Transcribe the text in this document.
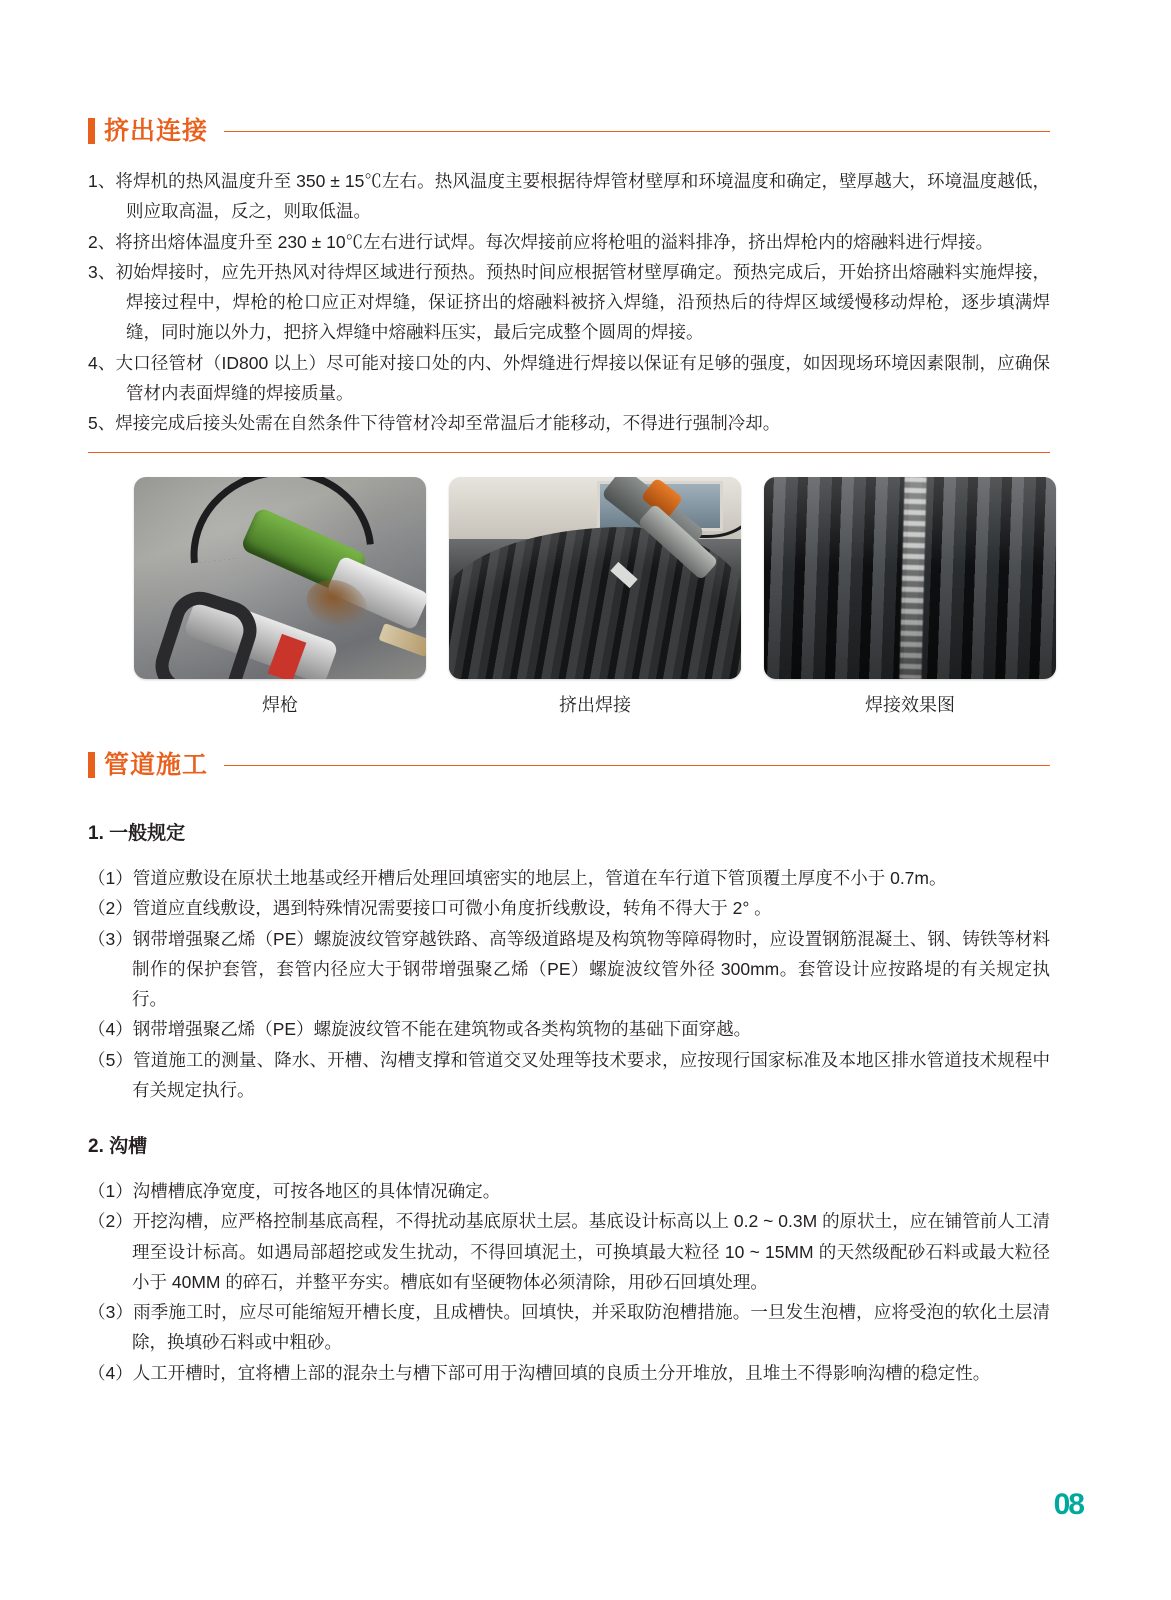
挤出连接

1、将焊机的热风温度升至 350 ± 15℃左右。热风温度主要根据待焊管材壁厚和环境温度和确定，壁厚越大，环境温度越低，则应取高温，反之，则取低温。

2、将挤出熔体温度升至 230 ± 10℃左右进行试焊。每次焊接前应将枪咀的溢料排净，挤出焊枪内的熔融料进行焊接。

3、初始焊接时，应先开热风对待焊区域进行预热。预热时间应根据管材壁厚确定。预热完成后，开始挤出熔融料实施焊接，焊接过程中，焊枪的枪口应正对焊缝，保证挤出的熔融料被挤入焊缝，沿预热后的待焊区域缓慢移动焊枪，逐步填满焊缝，同时施以外力，把挤入焊缝中熔融料压实，最后完成整个圆周的焊接。

4、大口径管材（ID800 以上）尽可能对接口处的内、外焊缝进行焊接以保证有足够的强度，如因现场环境因素限制，应确保管材内表面焊缝的焊接质量。

5、焊接完成后接头处需在自然条件下待管材冷却至常温后才能移动，不得进行强制冷却。

焊枪	挤出焊接	焊接效果图
管道施工
1. 一般规定

（1）管道应敷设在原状土地基或经开槽后处理回填密实的地层上，管道在车行道下管顶覆土厚度不小于 0.7m。

（2）管道应直线敷设，遇到特殊情况需要接口可微小角度折线敷设，转角不得大于 2° 。

（3）钢带增强聚乙烯（PE）螺旋波纹管穿越铁路、高等级道路堤及构筑物等障碍物时，应设置钢筋混凝土、钢、铸铁等材料制作的保护套管，套管内径应大于钢带增强聚乙烯（PE）螺旋波纹管外径 300mm。套管设计应按路堤的有关规定执行。

（4）钢带增强聚乙烯（PE）螺旋波纹管不能在建筑物或各类构筑物的基础下面穿越。

（5）管道施工的测量、降水、开槽、沟槽支撑和管道交叉处理等技术要求，应按现行国家标准及本地区排水管道技术规程中有关规定执行。

2. 沟槽

（1）沟槽槽底净宽度，可按各地区的具体情况确定。

（2）开挖沟槽，应严格控制基底高程，不得扰动基底原状土层。基底设计标高以上 0.2 ~ 0.3M 的原状土，应在铺管前人工清理至设计标高。如遇局部超挖或发生扰动，不得回填泥土，可换填最大粒径 10 ~ 15MM 的天然级配砂石料或最大粒径小于 40MM 的碎石，并整平夯实。槽底如有坚硬物体必须清除，用砂石回填处理。

（3）雨季施工时，应尽可能缩短开槽长度，且成槽快。回填快，并采取防泡槽措施。一旦发生泡槽，应将受泡的软化土层清除，换填砂石料或中粗砂。

（4）人工开槽时，宜将槽上部的混杂土与槽下部可用于沟槽回填的良质土分开堆放，且堆土不得影响沟槽的稳定性。

08
